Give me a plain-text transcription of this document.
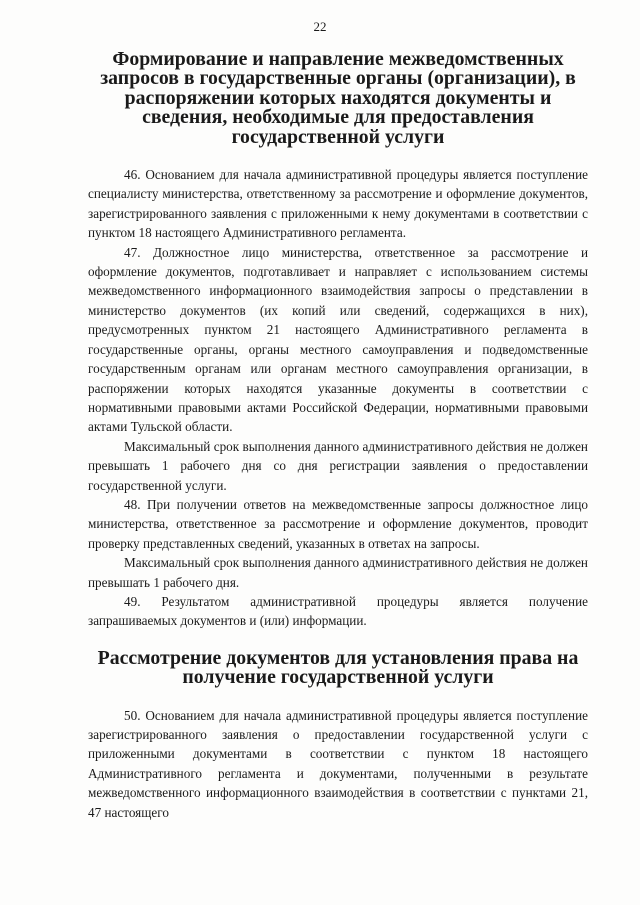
22
Формирование и направление межведомственных запросов в государственные органы (организации), в распоряжении которых находятся документы и сведения, необходимые для предоставления государственной услуги

46. Основанием для начала административной процедуры является поступление специалисту министерства, ответственному за рассмотрение и оформление документов, зарегистрированного заявления с приложенными к нему документами в соответствии с пунктом 18 настоящего Административного регламента.

47. Должностное лицо министерства, ответственное за рассмотрение и оформление документов, подготавливает и направляет с использованием системы межведомственного информационного взаимодействия запросы о представлении в министерство документов (их копий или сведений, содержащихся в них), предусмотренных пунктом 21 настоящего Административного регламента в государственные органы, органы местного самоуправления и подведомственные государственным органам или органам местного самоуправления организации, в распоряжении которых находятся указанные документы в соответствии с нормативными правовыми актами Российской Федерации, нормативными правовыми актами Тульской области.

Максимальный срок выполнения данного административного действия не должен превышать 1 рабочего дня со дня регистрации заявления о предоставлении государственной услуги.

48. При получении ответов на межведомственные запросы должностное лицо министерства, ответственное за рассмотрение и оформление документов, проводит проверку представленных сведений, указанных в ответах на запросы.

Максимальный срок выполнения данного административного действия не должен превышать 1 рабочего дня.

49. Результатом административной процедуры является получение запрашиваемых документов и (или) информации.

Рассмотрение документов для установления права на получение государственной услуги

50. Основанием для начала административной процедуры является поступление зарегистрированного заявления о предоставлении государственной услуги с приложенными документами в соответствии с пунктом 18 настоящего Административного регламента и документами, полученными в результате межведомственного информационного взаимодействия в соответствии с пунктами 21, 47 настоящего
